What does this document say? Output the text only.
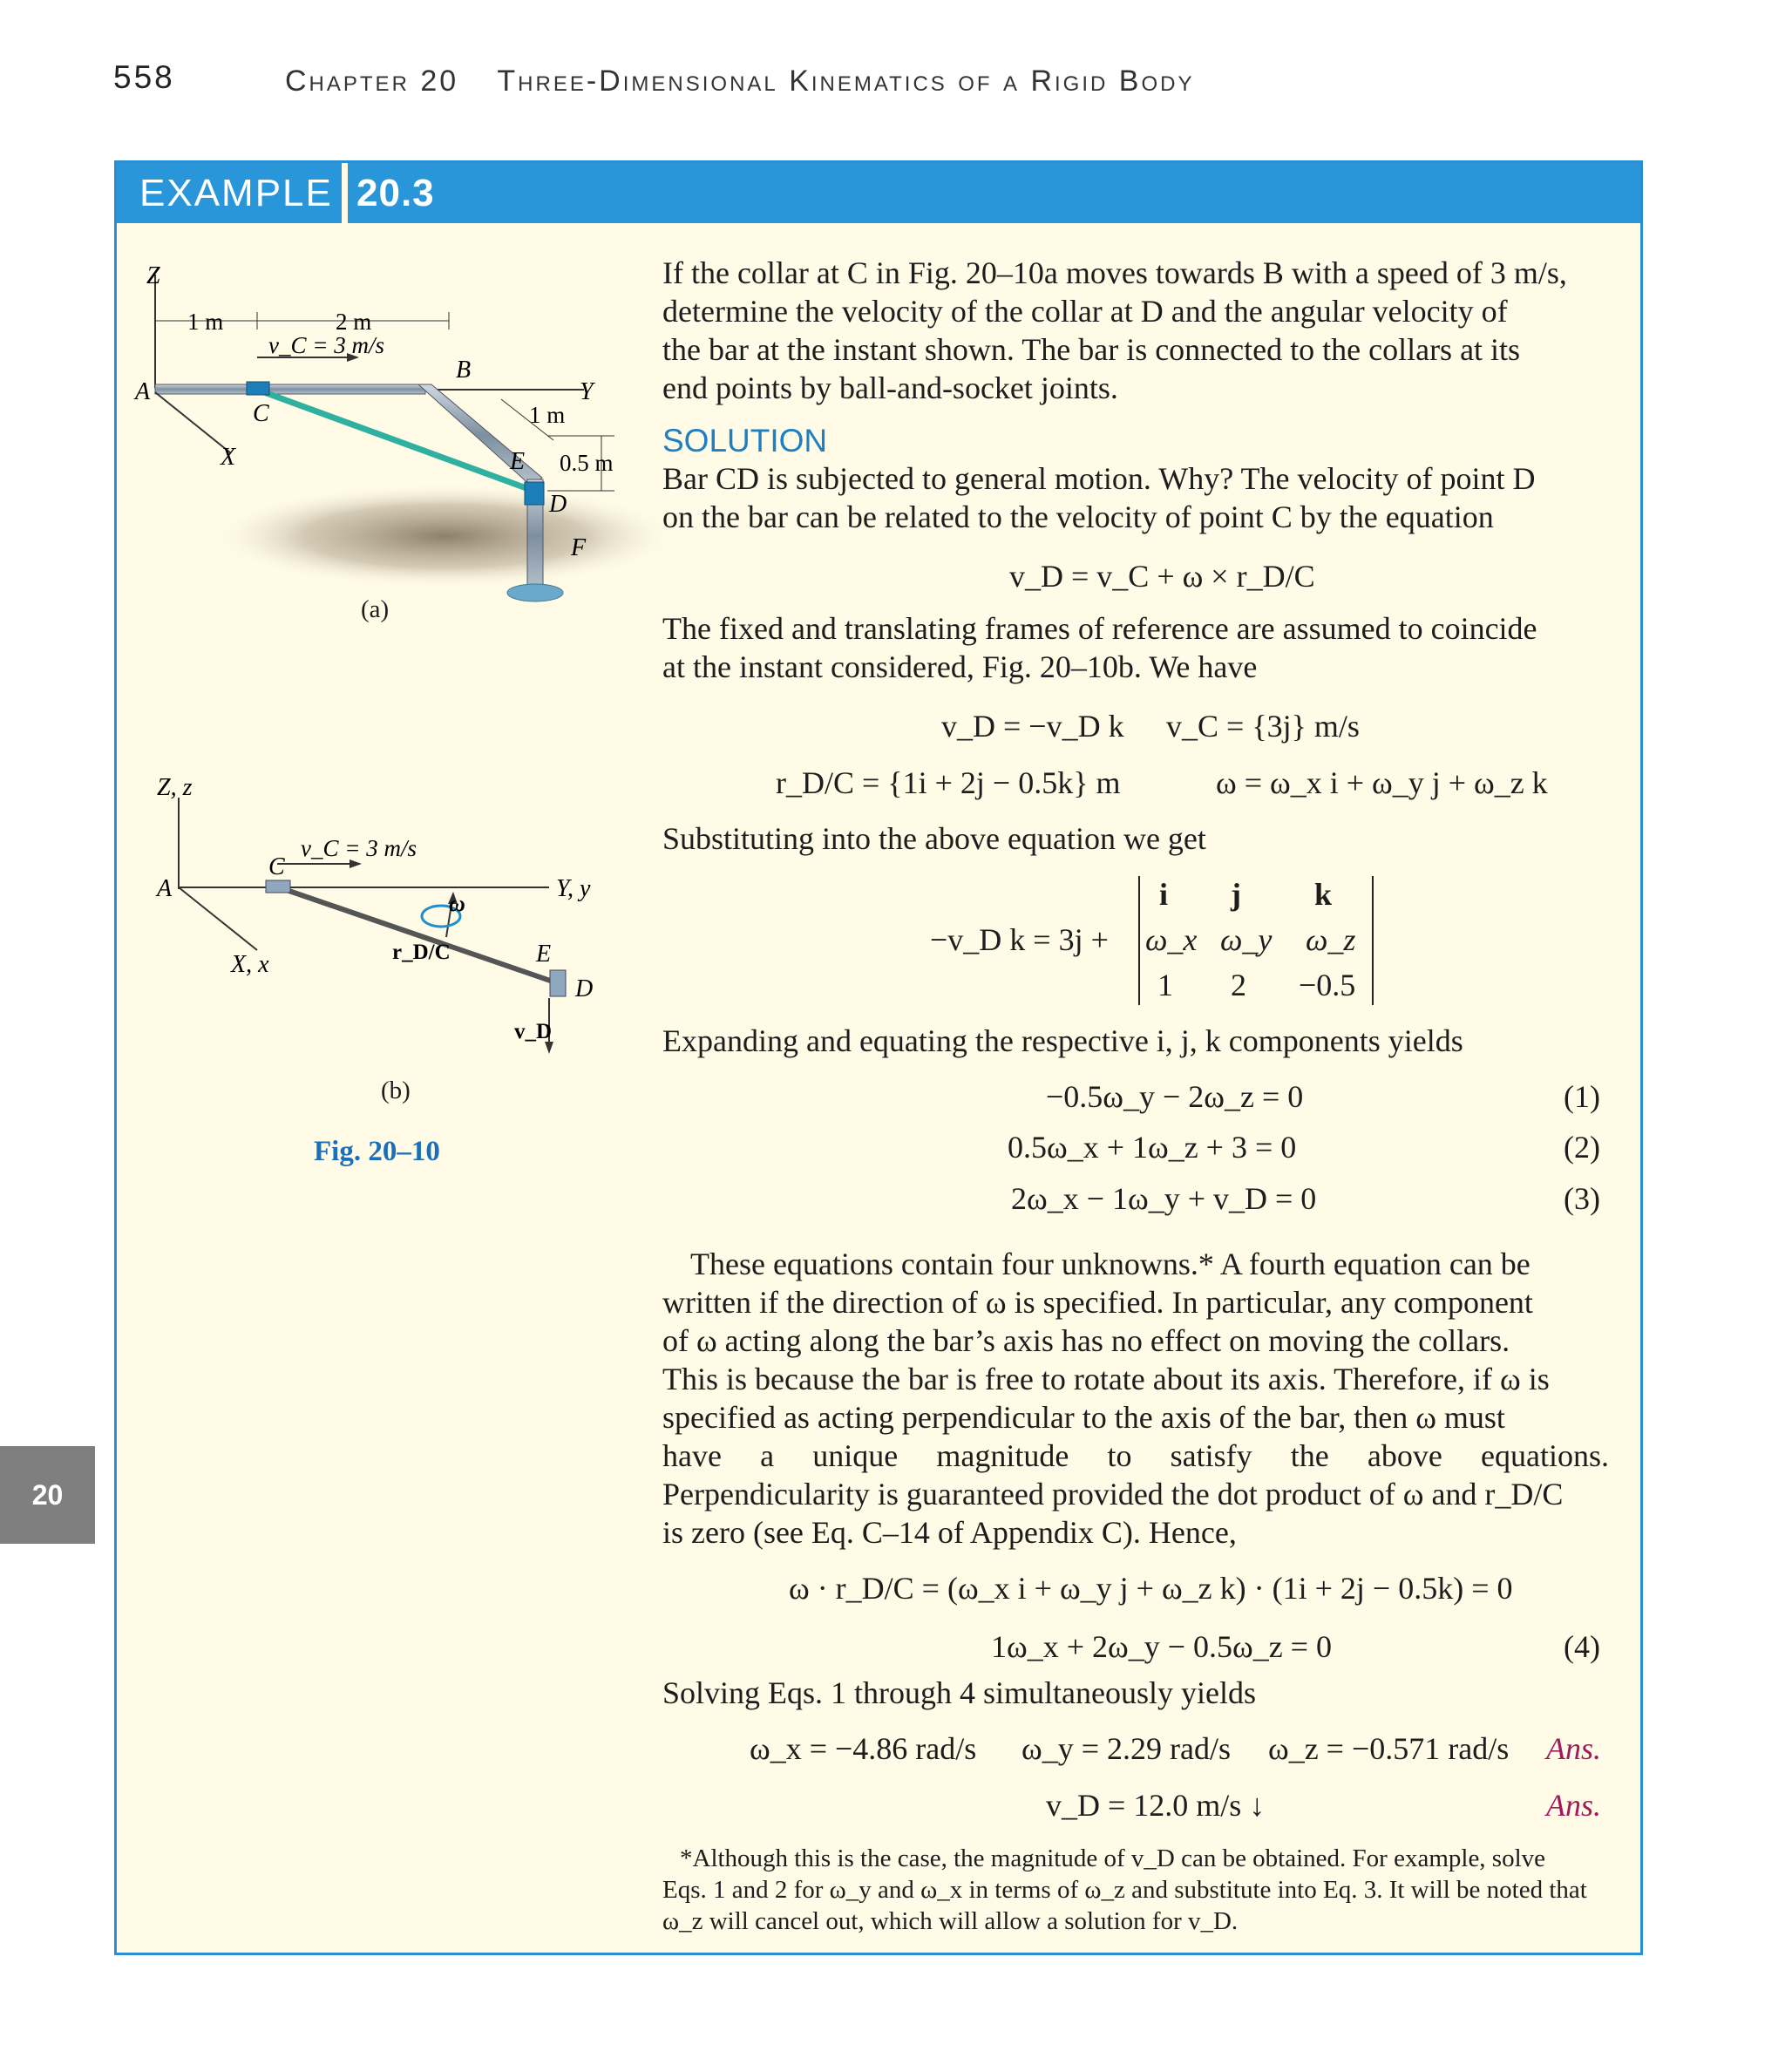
558	Chapter 20 Three-Dimensional Kinematics of a Rigid Body
20
EXAMPLE 20.3
Z
A
B
C
X
Y
E
D
F
1 m	2 m
1 m
0.5 m
v_C = 3 m/s
(a)
Z, z
A
C
X, x
Y, y
E
D
v_C = 3 m/s
r_D/C
ω
v_D
(b)
Fig. 20–10
If the collar at C in Fig. 20–10a moves towards B with a speed of 3 m/s,
determine the velocity of the collar at D and the angular velocity of
the bar at the instant shown. The bar is connected to the collars at its
end points by ball-and-socket joints.
SOLUTION
Bar CD is subjected to general motion. Why? The velocity of point D
on the bar can be related to the velocity of point C by the equation
v_D = v_C + ω × r_D/C
The fixed and translating frames of reference are assumed to coincide
at the instant considered, Fig. 20–10b. We have
v_D = −v_D k v_C = {3j} m/s
r_D/C = {1i + 2j − 0.5k} m	ω = ω_x i + ω_y j + ω_z k
Substituting into the above equation we get
−v_D k = 3j +
i j k
ω_x ω_y ω_z
1 2 −0.5
Expanding and equating the respective i, j, k components yields
−0.5ω_y − 2ω_z = 0	(1)
0.5ω_x + 1ω_z + 3 = 0	(2)
2ω_x − 1ω_y + v_D = 0	(3)
These equations contain four unknowns.* A fourth equation can be
written if the direction of ω is specified. In particular, any component
of ω acting along the bar’s axis has no effect on moving the collars.
This is because the bar is free to rotate about its axis. Therefore, if ω is
specified as acting perpendicular to the axis of the bar, then ω must
have a unique magnitude to satisfy the above equations.
Perpendicularity is guaranteed provided the dot product of ω and r_D/C
is zero (see Eq. C–14 of Appendix C). Hence,
ω · r_D/C = (ω_x i + ω_y j + ω_z k) · (1i + 2j − 0.5k) = 0
1ω_x + 2ω_y − 0.5ω_z = 0	(4)
Solving Eqs. 1 through 4 simultaneously yields
ω_x = −4.86 rad/s ω_y = 2.29 rad/s ω_z = −0.571 rad/s Ans.
v_D = 12.0 m/s ↓	Ans.
*Although this is the case, the magnitude of v_D can be obtained. For example, solve
Eqs. 1 and 2 for ω_y and ω_x in terms of ω_z and substitute into Eq. 3. It will be noted that
ω_z will cancel out, which will allow a solution for v_D.
